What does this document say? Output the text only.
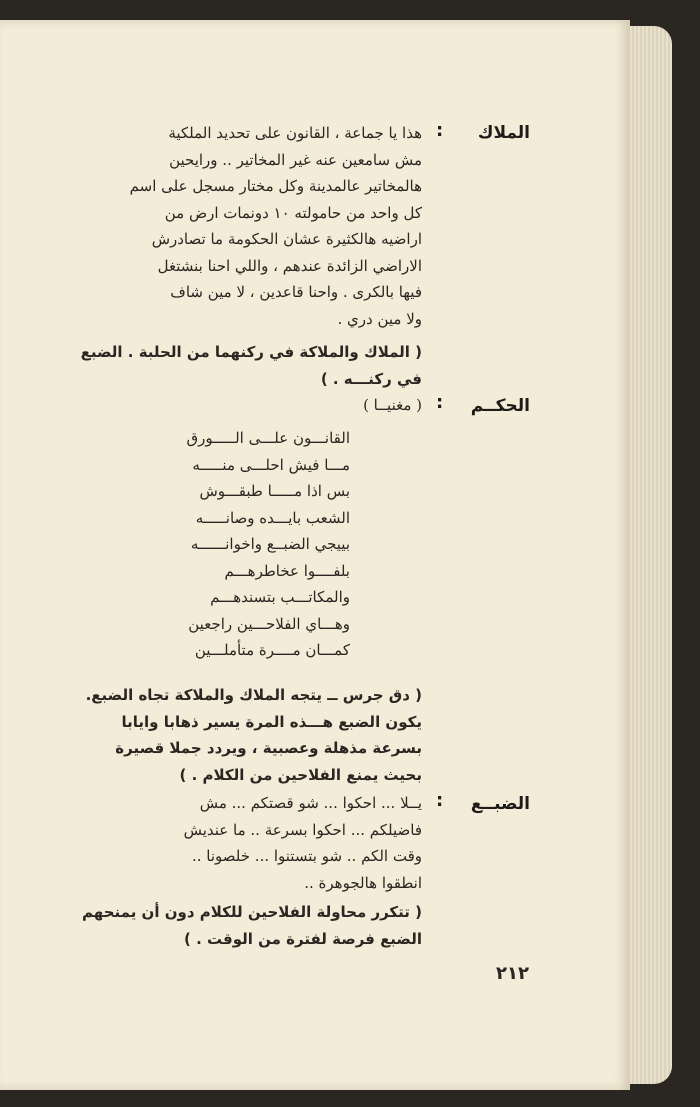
الملاك
:
هذا يا جماعة ، القانون على تحديد الملكية
مش سامعين عنه غير المخاتير .. ورايحين
هالمخاتير عالمدينة وكل مختار مسجل على اسم
كل واحد من حامولته ١٠ دونمات ارض من
اراضيه هالكثيرة عشان الحكومة ما تصادرش
الاراضي الزائدة عندهم ، واللي احنا بنشتغل
فيها بالكرى . واحنا قاعدين ، لا مين شاف
ولا مين دري .
( الملاك والملاكة في ركنهما من الحلبة . الضبع
في ركنـــه . )
الحكــم
:
( مغنيــا )
القانـــون علـــى الـــــورق
مـــا فيش احلـــى منـــــه
بس اذا مـــــا طبقـــوش
الشعب بايـــده وصانـــــه
بييجي الضبــع واخوانــــــه
بلفــــوا عخاطرهـــم
والمكاتـــب بتسندهـــم
وهـــاي الفلاحـــين راجعين
كمـــان مــــرة متأملـــين
( دق جرس ــ يتجه الملاك والملاكة تجاه الضبع.
يكون الضبع هـــذه المرة يسير ذهابا وايابا
بسرعة مذهلة وعصبية ، ويردد جملا قصيرة
بحيث يمنع الفلاحين من الكلام . )
الضبــع
:
يــلا ... احكوا ... شو قصتكم ... مش
فاضيلكم ... احكوا بسرعة .. ما عنديش
وقت الكم .. شو بتستنوا ... خلصونا ..
انطقوا هالجوهرة ..
( تتكرر محاولة الفلاحين للكلام دون أن يمنحهم
الضبع فرصة لفترة من الوقت . )
٢١٢
